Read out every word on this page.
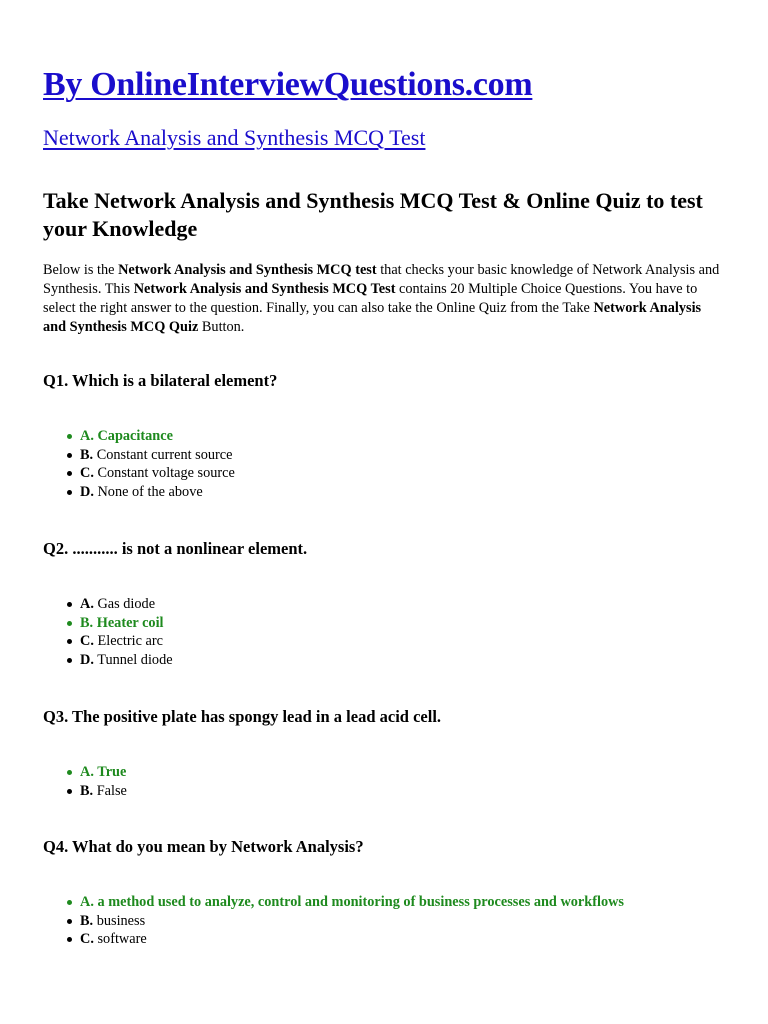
By OnlineInterviewQuestions.com
Network Analysis and Synthesis MCQ Test
Take Network Analysis and Synthesis MCQ Test & Online Quiz to test your Knowledge

Below is the Network Analysis and Synthesis MCQ test that checks your basic knowledge of Network Analysis and Synthesis. This Network Analysis and Synthesis MCQ Test contains 20 Multiple Choice Questions. You have to select the right answer to the question. Finally, you can also take the Online Quiz from the Take Network Analysis and Synthesis MCQ Quiz Button.

Q1. Which is a bilateral element?
A. Capacitance
B. Constant current source
C. Constant voltage source
D. None of the above
Q2. ........... is not a nonlinear element.
A. Gas diode
B. Heater coil
C. Electric arc
D. Tunnel diode
Q3. The positive plate has spongy lead in a lead acid cell.
A. True
B. False
Q4. What do you mean by Network Analysis?
A. a method used to analyze, control and monitoring of business processes and workflows
B. business
C. software
